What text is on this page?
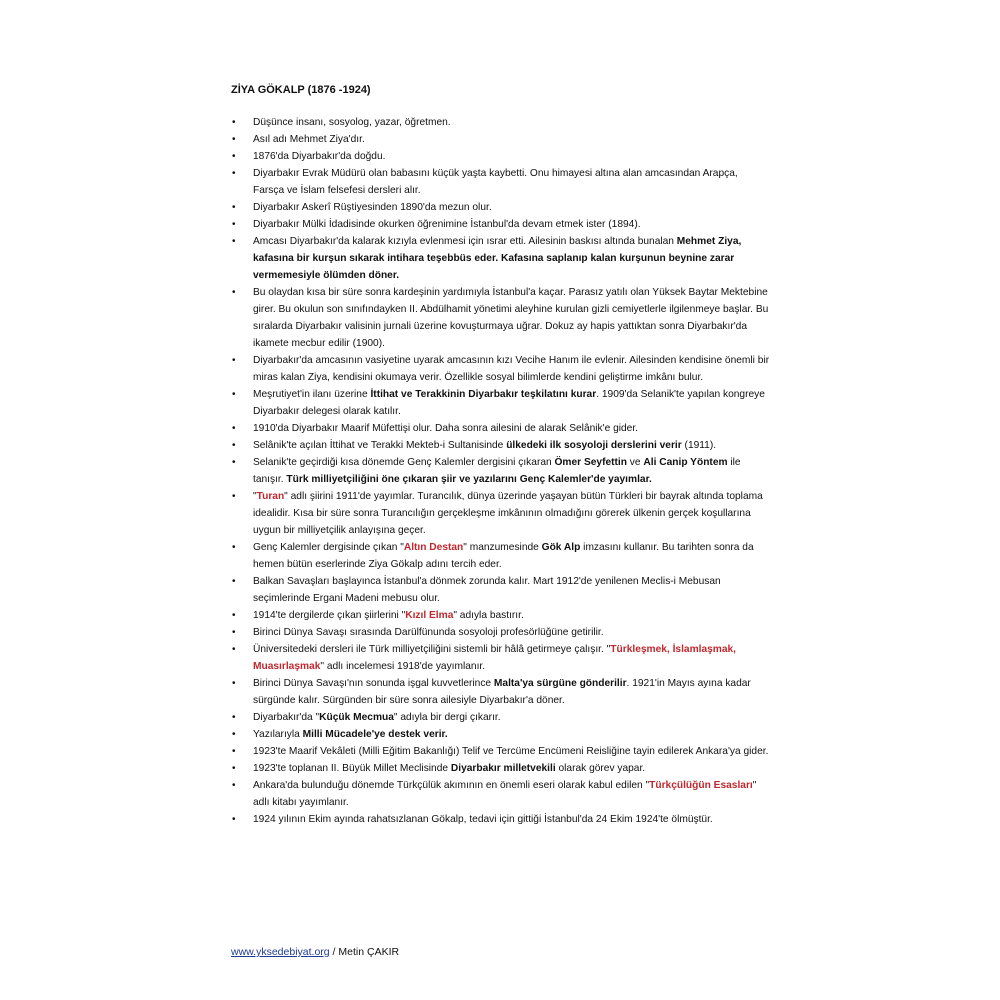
ZİYA GÖKALP (1876 -1924)
• Düşünce insanı, sosyolog, yazar, öğretmen.
• Asıl adı Mehmet Ziya'dır.
• 1876'da Diyarbakır'da doğdu.
• Diyarbakır Evrak Müdürü olan babasını küçük yaşta kaybetti. Onu himayesi altına alan amcasından Arapça, Farsça ve İslam felsefesi dersleri alır.
• Diyarbakır Askerî Rüştiyesinden 1890'da mezun olur.
• Diyarbakır Mülki İdadisinde okurken öğrenimine İstanbul'da devam etmek ister (1894).
• Amcası Diyarbakır'da kalarak kızıyla evlenmesi için ısrar etti. Ailesinin baskısı altında bunalan Mehmet Ziya, kafasına bir kurşun sıkarak intihara teşebbüs eder. Kafasına saplanıp kalan kurşunun beynine zarar vermemesiyle ölümden döner.
• Bu olaydan kısa bir süre sonra kardeşinin yardımıyla İstanbul'a kaçar. Parasız yatılı olan Yüksek Baytar Mektebine girer. Bu okulun son sınıfındayken II. Abdülhamit yönetimi aleyhine kurulan gizli cemiyetlerle ilgilenmeye başlar. Bu sıralarda Diyarbakır valisinin jurnali üzerine kovuşturmaya uğrar. Dokuz ay hapis yattıktan sonra Diyarbakır'da ikamete mecbur edilir (1900).
• Diyarbakır'da amcasının vasiyetine uyarak amcasının kızı Vecihe Hanım ile evlenir. Ailesinden kendisine önemli bir miras kalan Ziya, kendisini okumaya verir. Özellikle sosyal bilimlerde kendini geliştirme imkânı bulur.
• Meşrutiyet'in ilanı üzerine İttihat ve Terakkinin Diyarbakır teşkilatını kurar. 1909'da Selanik'te yapılan kongreye Diyarbakır delegesi olarak katılır.
• 1910'da Diyarbakır Maarif Müfettişi olur. Daha sonra ailesini de alarak Selânik'e gider.
• Selânik'te açılan İttihat ve Terakki Mekteb-i Sultanisinde ülkedeki ilk sosyoloji derslerini verir (1911).
• Selanik'te geçirdiği kısa dönemde Genç Kalemler dergisini çıkaran Ömer Seyfettin ve Ali Canip Yöntem ile tanışır. Türk milliyetçiliğini öne çıkaran şiir ve yazılarını Genç Kalemler'de yayımlar.
• "Turan" adlı şiirini 1911'de yayımlar. Turancılık, dünya üzerinde yaşayan bütün Türkleri bir bayrak altında toplama idealidir. Kısa bir süre sonra Turancılığın gerçekleşme imkânının olmadığını görerek ülkenin gerçek koşullarına uygun bir milliyetçilik anlayışına geçer.
• Genç Kalemler dergisinde çıkan "Altın Destan" manzumesinde Gök Alp imzasını kullanır. Bu tarihten sonra da hemen bütün eserlerinde Ziya Gökalp adını tercih eder.
• Balkan Savaşları başlayınca İstanbul'a dönmek zorunda kalır. Mart 1912'de yenilenen Meclis-i Mebusan seçimlerinde Ergani Madeni mebusu olur.
• 1914'te dergilerde çıkan şiirlerini "Kızıl Elma" adıyla bastırır.
• Birinci Dünya Savaşı sırasında Darülfünunda sosyoloji profesörlüğüne getirilir.
• Üniversitedeki dersleri ile Türk milliyetçiliğini sistemli bir hâlâ getirmeye çalışır. "Türkleşmek, İslamlaşmak, Muasırlaşmak" adlı incelemesi 1918'de yayımlanır.
• Birinci Dünya Savaşı'nın sonunda işgal kuvvetlerince Malta'ya sürgüne gönderilir. 1921'in Mayıs ayına kadar sürgünde kalır. Sürgünden bir süre sonra ailesiyle Diyarbakır'a döner.
• Diyarbakır'da "Küçük Mecmua" adıyla bir dergi çıkarır.
• Yazılarıyla Milli Mücadele'ye destek verir.
• 1923'te Maarif Vekâleti (Milli Eğitim Bakanlığı) Telif ve Tercüme Encümeni Reisliğine tayin edilerek Ankara'ya gider.
• 1923'te toplanan II. Büyük Millet Meclisinde Diyarbakır milletvekili olarak görev yapar.
• Ankara'da bulunduğu dönemde Türkçülük akımının en önemli eseri olarak kabul edilen "Türkçülüğün Esasları" adlı kitabı yayımlanır.
• 1924 yılının Ekim ayında rahatsızlanan Gökalp, tedavi için gittiği İstanbul'da 24 Ekim 1924'te ölmüştür.
www.yksedebiyat.org / Metin ÇAKIR
